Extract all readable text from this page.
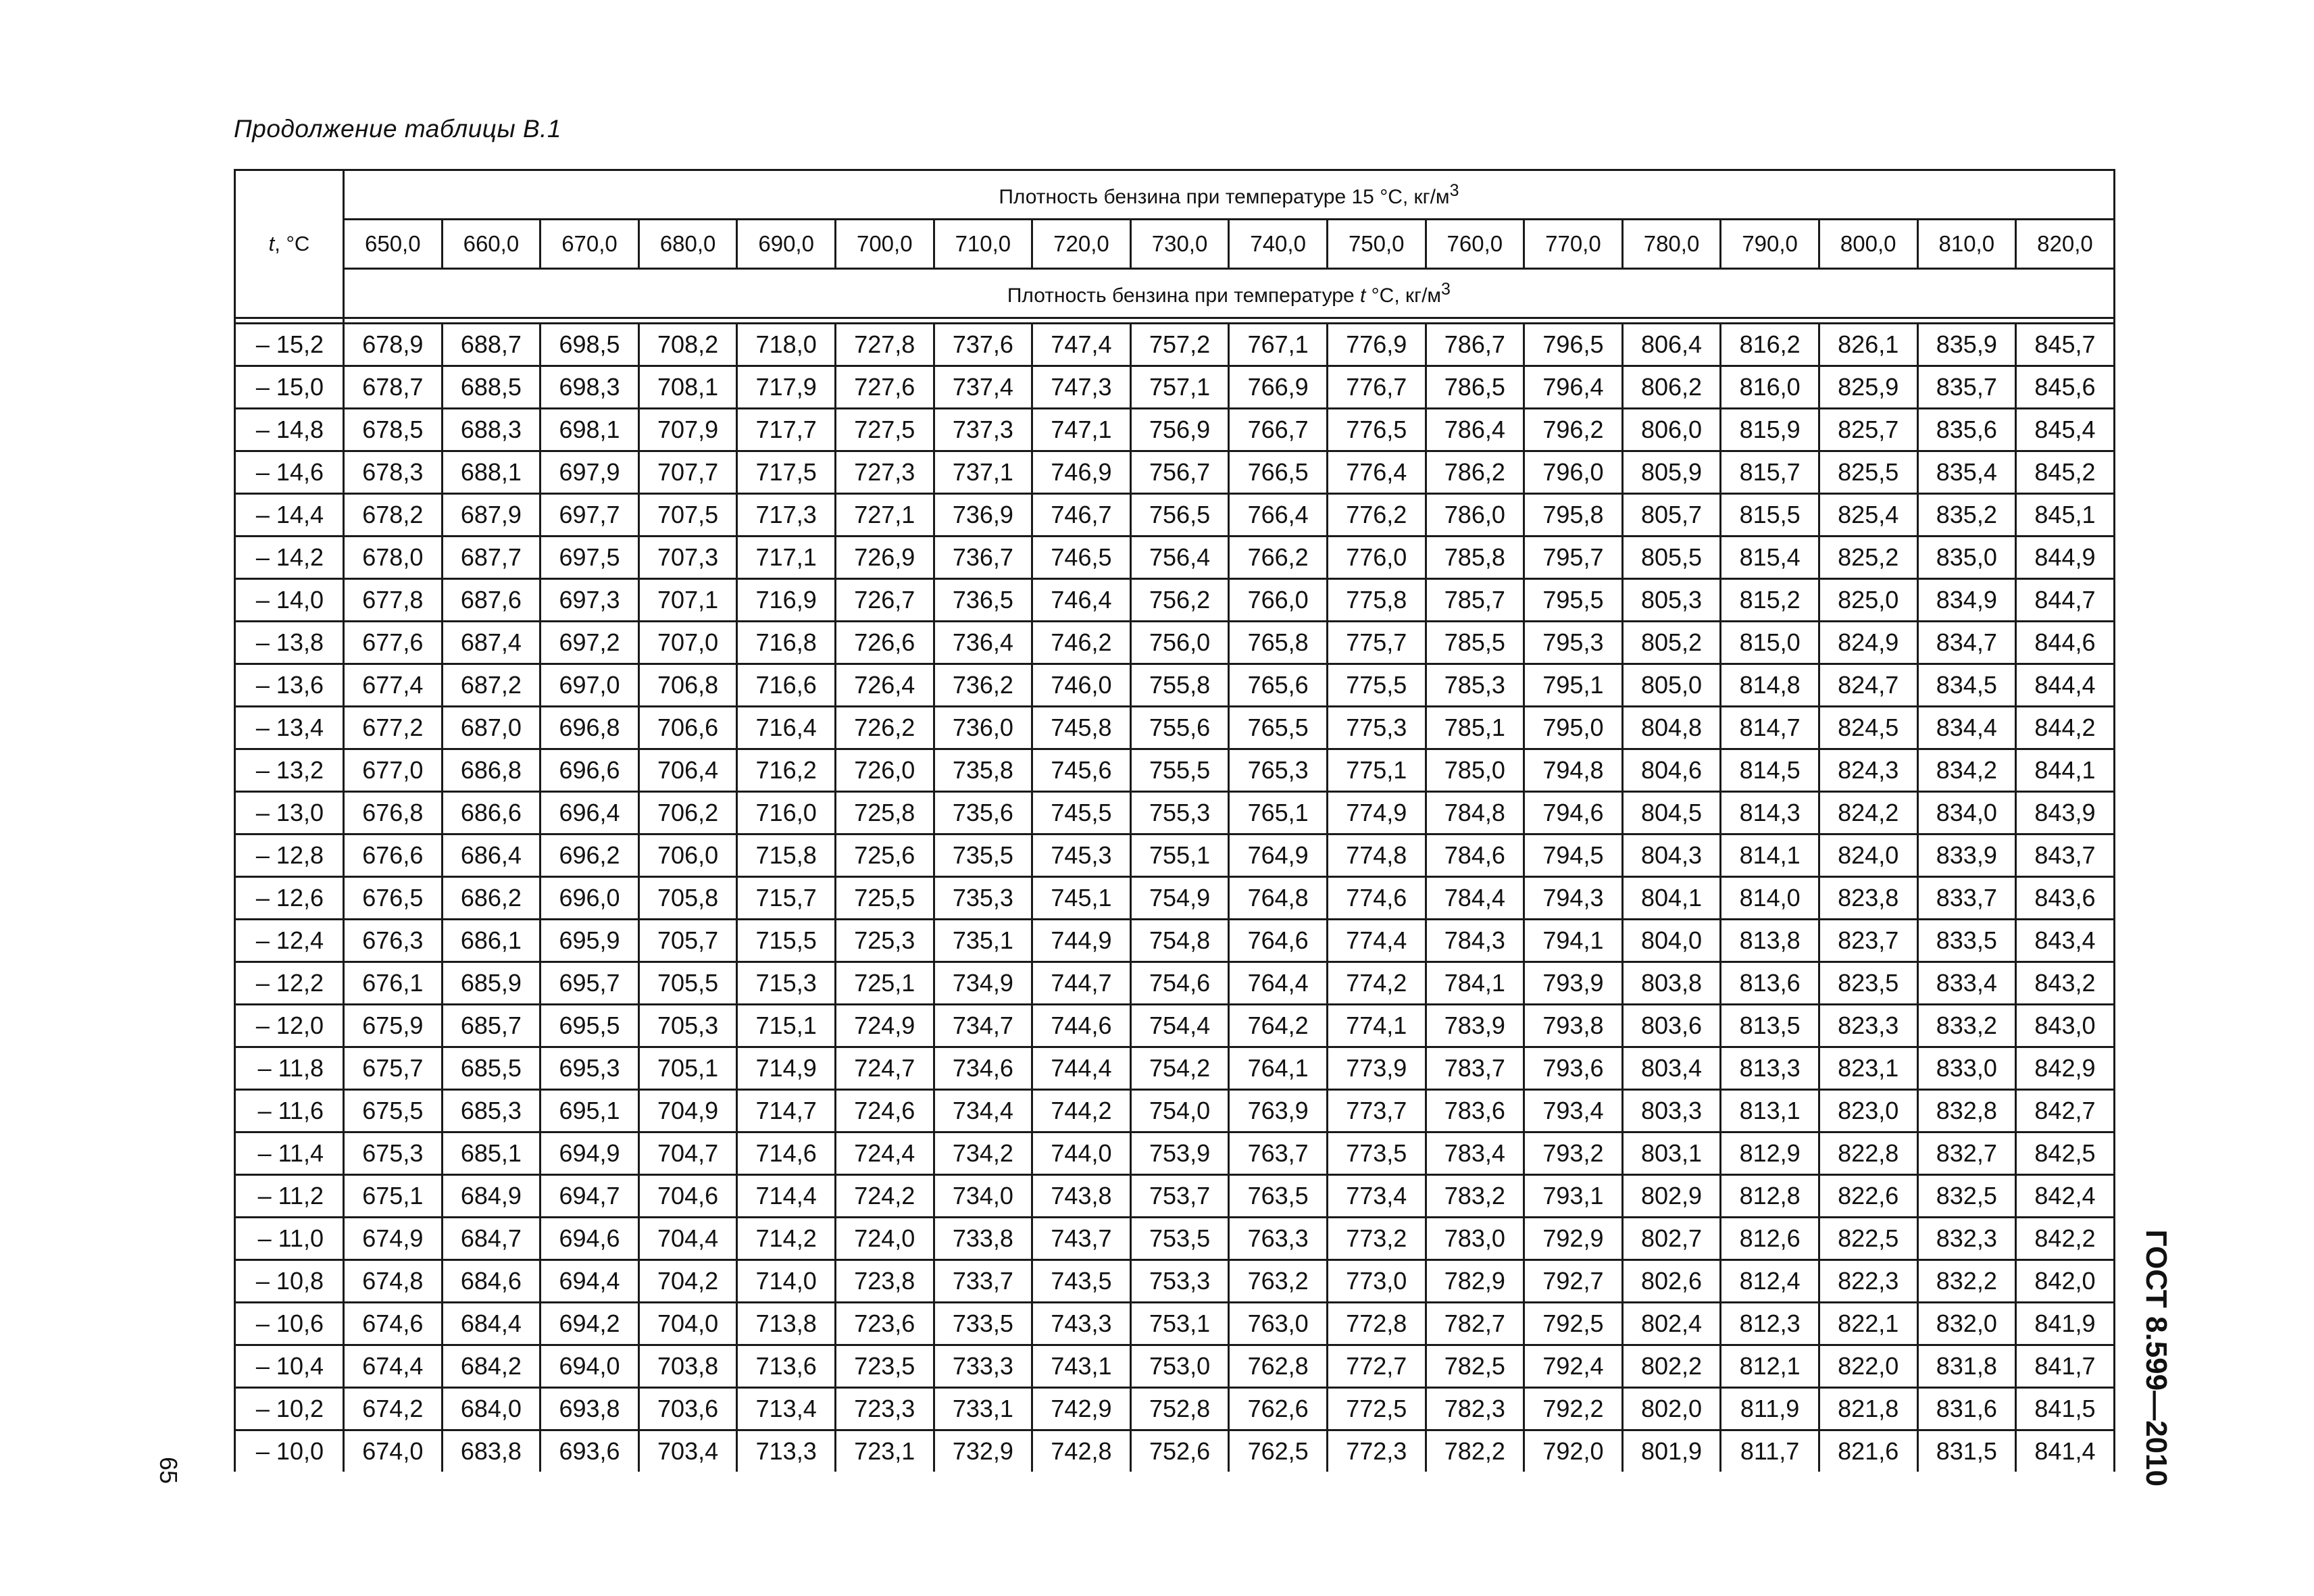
Продолжение таблицы В.1
t, °С	Плотность бензина при температуре 15 °С, $кг/м^3$
	650,0	660,0	670,0	680,0	690,0	700,0	710,0	720,0	730,0	740,0	750,0	760,0	770,0	780,0	790,0	800,0	810,0	820,0
	Плотность бензина при температуре t °С, $кг/м^3$

– 15,2	678,9	688,7	698,5	708,2	718,0	727,8	737,6	747,4	757,2	767,1	776,9	786,7	796,5	806,4	816,2	826,1	835,9	845,7
– 15,0	678,7	688,5	698,3	708,1	717,9	727,6	737,4	747,3	757,1	766,9	776,7	786,5	796,4	806,2	816,0	825,9	835,7	845,6
– 14,8	678,5	688,3	698,1	707,9	717,7	727,5	737,3	747,1	756,9	766,7	776,5	786,4	796,2	806,0	815,9	825,7	835,6	845,4
– 14,6	678,3	688,1	697,9	707,7	717,5	727,3	737,1	746,9	756,7	766,5	776,4	786,2	796,0	805,9	815,7	825,5	835,4	845,2
– 14,4	678,2	687,9	697,7	707,5	717,3	727,1	736,9	746,7	756,5	766,4	776,2	786,0	795,8	805,7	815,5	825,4	835,2	845,1
– 14,2	678,0	687,7	697,5	707,3	717,1	726,9	736,7	746,5	756,4	766,2	776,0	785,8	795,7	805,5	815,4	825,2	835,0	844,9
– 14,0	677,8	687,6	697,3	707,1	716,9	726,7	736,5	746,4	756,2	766,0	775,8	785,7	795,5	805,3	815,2	825,0	834,9	844,7
– 13,8	677,6	687,4	697,2	707,0	716,8	726,6	736,4	746,2	756,0	765,8	775,7	785,5	795,3	805,2	815,0	824,9	834,7	844,6
– 13,6	677,4	687,2	697,0	706,8	716,6	726,4	736,2	746,0	755,8	765,6	775,5	785,3	795,1	805,0	814,8	824,7	834,5	844,4
– 13,4	677,2	687,0	696,8	706,6	716,4	726,2	736,0	745,8	755,6	765,5	775,3	785,1	795,0	804,8	814,7	824,5	834,4	844,2
– 13,2	677,0	686,8	696,6	706,4	716,2	726,0	735,8	745,6	755,5	765,3	775,1	785,0	794,8	804,6	814,5	824,3	834,2	844,1
– 13,0	676,8	686,6	696,4	706,2	716,0	725,8	735,6	745,5	755,3	765,1	774,9	784,8	794,6	804,5	814,3	824,2	834,0	843,9
– 12,8	676,6	686,4	696,2	706,0	715,8	725,6	735,5	745,3	755,1	764,9	774,8	784,6	794,5	804,3	814,1	824,0	833,9	843,7
– 12,6	676,5	686,2	696,0	705,8	715,7	725,5	735,3	745,1	754,9	764,8	774,6	784,4	794,3	804,1	814,0	823,8	833,7	843,6
– 12,4	676,3	686,1	695,9	705,7	715,5	725,3	735,1	744,9	754,8	764,6	774,4	784,3	794,1	804,0	813,8	823,7	833,5	843,4
– 12,2	676,1	685,9	695,7	705,5	715,3	725,1	734,9	744,7	754,6	764,4	774,2	784,1	793,9	803,8	813,6	823,5	833,4	843,2
– 12,0	675,9	685,7	695,5	705,3	715,1	724,9	734,7	744,6	754,4	764,2	774,1	783,9	793,8	803,6	813,5	823,3	833,2	843,0
– 11,8	675,7	685,5	695,3	705,1	714,9	724,7	734,6	744,4	754,2	764,1	773,9	783,7	793,6	803,4	813,3	823,1	833,0	842,9
– 11,6	675,5	685,3	695,1	704,9	714,7	724,6	734,4	744,2	754,0	763,9	773,7	783,6	793,4	803,3	813,1	823,0	832,8	842,7
– 11,4	675,3	685,1	694,9	704,7	714,6	724,4	734,2	744,0	753,9	763,7	773,5	783,4	793,2	803,1	812,9	822,8	832,7	842,5
– 11,2	675,1	684,9	694,7	704,6	714,4	724,2	734,0	743,8	753,7	763,5	773,4	783,2	793,1	802,9	812,8	822,6	832,5	842,4
– 11,0	674,9	684,7	694,6	704,4	714,2	724,0	733,8	743,7	753,5	763,3	773,2	783,0	792,9	802,7	812,6	822,5	832,3	842,2
– 10,8	674,8	684,6	694,4	704,2	714,0	723,8	733,7	743,5	753,3	763,2	773,0	782,9	792,7	802,6	812,4	822,3	832,2	842,0
– 10,6	674,6	684,4	694,2	704,0	713,8	723,6	733,5	743,3	753,1	763,0	772,8	782,7	792,5	802,4	812,3	822,1	832,0	841,9
– 10,4	674,4	684,2	694,0	703,8	713,6	723,5	733,3	743,1	753,0	762,8	772,7	782,5	792,4	802,2	812,1	822,0	831,8	841,7
– 10,2	674,2	684,0	693,8	703,6	713,4	723,3	733,1	742,9	752,8	762,6	772,5	782,3	792,2	802,0	811,9	821,8	831,6	841,5
– 10,0	674,0	683,8	693,6	703,4	713,3	723,1	732,9	742,8	752,6	762,5	772,3	782,2	792,0	801,9	811,7	821,6	831,5	841,4 ГОСТ 8.599—2010
65
